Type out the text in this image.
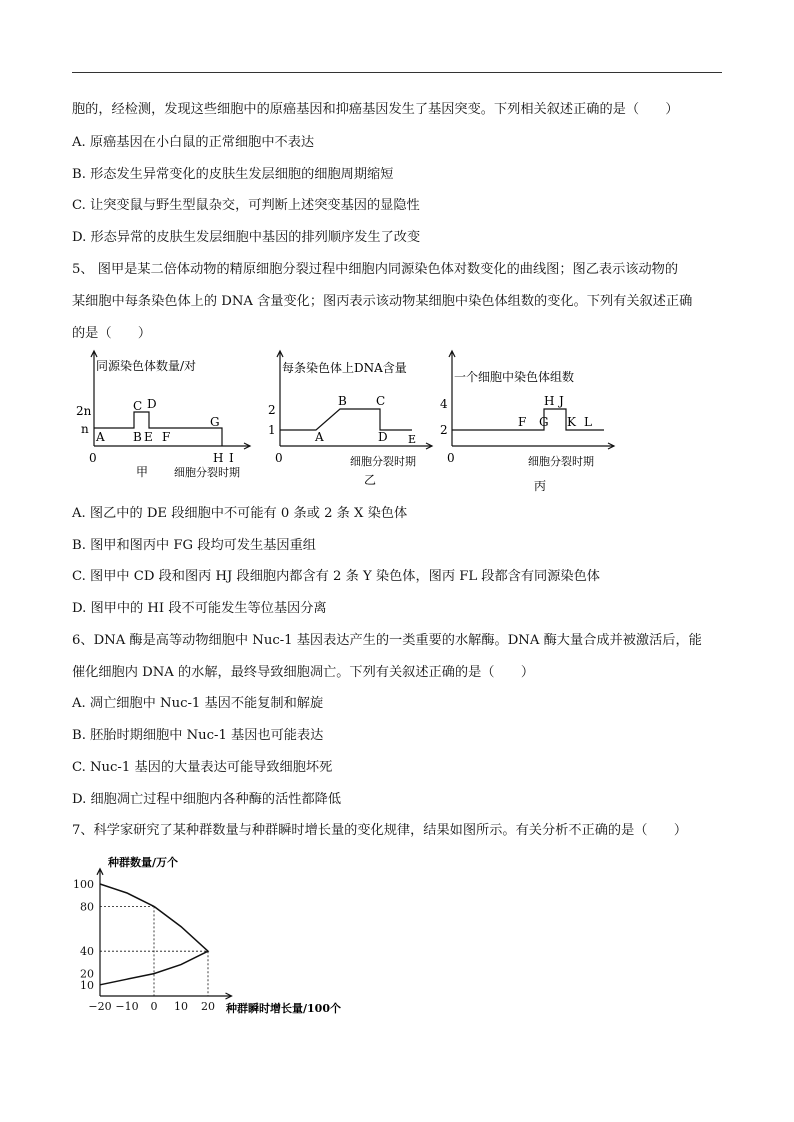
胞的，经检测，发现这些细胞中的原癌基因和抑癌基因发生了基因突变。下列相关叙述正确的是（　　）
A. 原癌基因在小白鼠的正常细胞中不表达
B. 形态发生异常变化的皮肤生发层细胞的细胞周期缩短
C. 让突变鼠与野生型鼠杂交，可判断上述突变基因的显隐性
D. 形态异常的皮肤生发层细胞中基因的排列顺序发生了改变
5、 图甲是某二倍体动物的精原细胞分裂过程中细胞内同源染色体对数变化的曲线图；图乙表示该动物的
某细胞中每条染色体上的 DNA 含量变化；图丙表示该动物某细胞中染色体组数的变化。下列有关叙述正确
的是（　　）
同源染色体数量/对
2n
n
0
A B
C D
E F
G
H I
甲 细胞分裂时期
每条染色体上DNA含量
2
1
0
A
B C
D E
细胞分裂时期
乙
一个细胞中染色体组数
4
2
0
F G
H J
K L
细胞分裂时期
丙
A. 图乙中的 DE 段细胞中不可能有 0 条或 2 条 X 染色体
B. 图甲和图丙中 FG 段均可发生基因重组
C. 图甲中 CD 段和图丙 HJ 段细胞内都含有 2 条 Y 染色体，图丙 FL 段都含有同源染色体
D. 图甲中的 HI 段不可能发生等位基因分离
6、DNA 酶是高等动物细胞中 Nuc-1 基因表达产生的一类重要的水解酶。DNA 酶大量合成并被激活后，能
催化细胞内 DNA 的水解，最终导致细胞凋亡。下列有关叙述正确的是（　　）
A. 凋亡细胞中 Nuc-1 基因不能复制和解旋
B. 胚胎时期细胞中 Nuc-1 基因也可能表达
C. Nuc-1 基因的大量表达可能导致细胞坏死
D. 细胞凋亡过程中细胞内各种酶的活性都降低
7、科学家研究了某种群数量与种群瞬时增长量的变化规律，结果如图所示。有关分析不正确的是（　　）
10
20
40
80
100
−20 −10 0 10 20
种群数量/万个
种群瞬时增长量/100个
